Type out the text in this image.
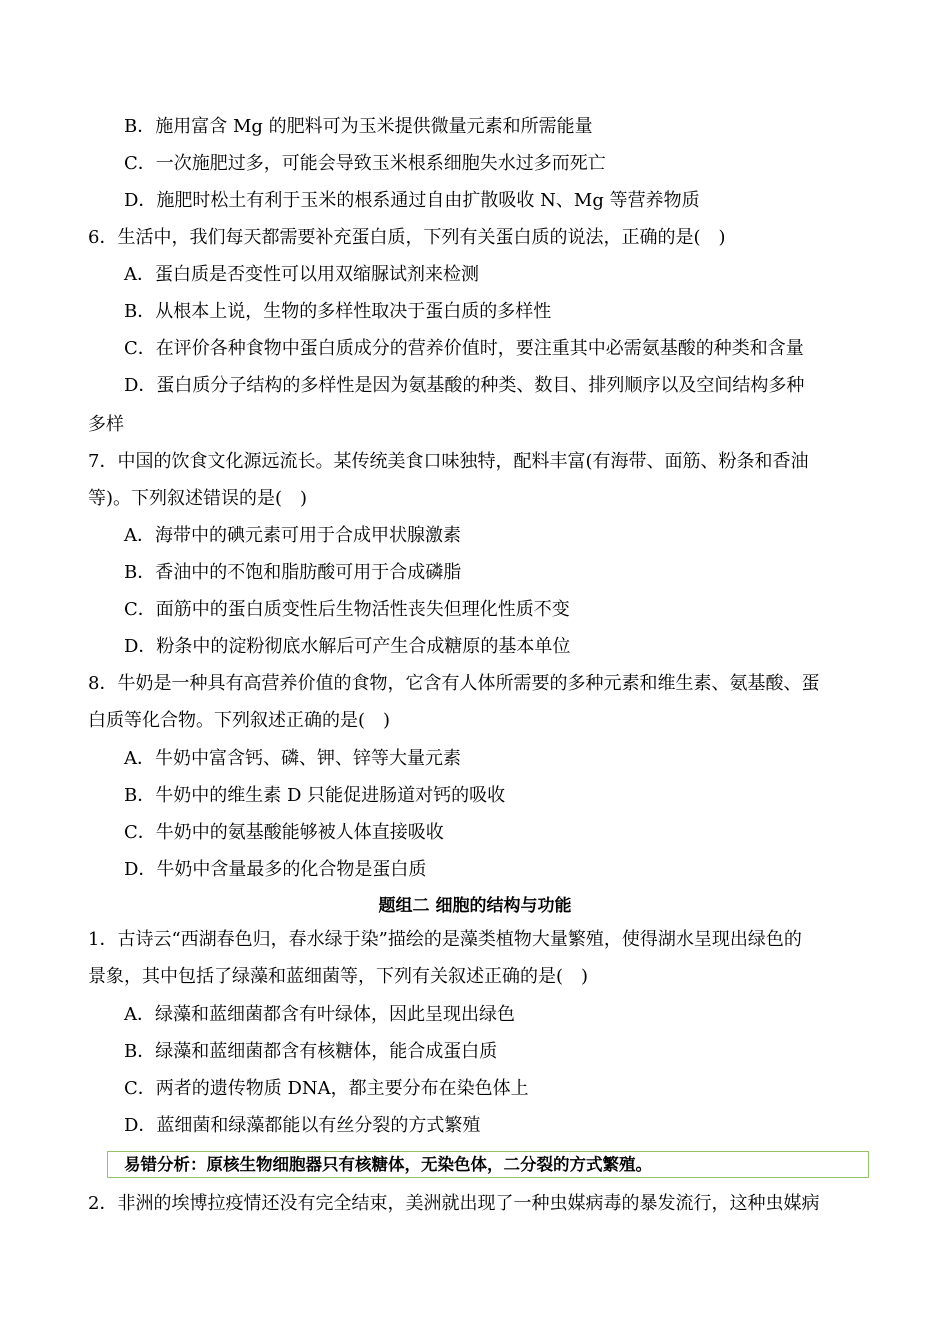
B．施用富含 Mg 的肥料可为玉米提供微量元素和所需能量
C．一次施肥过多，可能会导致玉米根系细胞失水过多而死亡
D．施肥时松土有利于玉米的根系通过自由扩散吸收 N、Mg 等营养物质
6．生活中，我们每天都需要补充蛋白质，下列有关蛋白质的说法，正确的是(　)
A．蛋白质是否变性可以用双缩脲试剂来检测
B．从根本上说，生物的多样性取决于蛋白质的多样性
C．在评价各种食物中蛋白质成分的营养价值时，要注重其中必需氨基酸的种类和含量
D．蛋白质分子结构的多样性是因为氨基酸的种类、数目、排列顺序以及空间结构多种
多样
7．中国的饮食文化源远流长。某传统美食口味独特，配料丰富(有海带、面筋、粉条和香油
等)。下列叙述错误的是(　)
A．海带中的碘元素可用于合成甲状腺激素
B．香油中的不饱和脂肪酸可用于合成磷脂
C．面筋中的蛋白质变性后生物活性丧失但理化性质不变
D．粉条中的淀粉彻底水解后可产生合成糖原的基本单位
8．牛奶是一种具有高营养价值的食物，它含有人体所需要的多种元素和维生素、氨基酸、蛋
白质等化合物。下列叙述正确的是(　)
A．牛奶中富含钙、磷、钾、锌等大量元素
B．牛奶中的维生素 D 只能促进肠道对钙的吸收
C．牛奶中的氨基酸能够被人体直接吸收
D．牛奶中含量最多的化合物是蛋白质
题组二 细胞的结构与功能
1．古诗云“西湖春色归，春水绿于染”描绘的是藻类植物大量繁殖，使得湖水呈现出绿色的
景象，其中包括了绿藻和蓝细菌等，下列有关叙述正确的是(　)
A．绿藻和蓝细菌都含有叶绿体，因此呈现出绿色
B．绿藻和蓝细菌都含有核糖体，能合成蛋白质
C．两者的遗传物质 DNA，都主要分布在染色体上
D．蓝细菌和绿藻都能以有丝分裂的方式繁殖
易错分析：原核生物细胞器只有核糖体，无染色体，二分裂的方式繁殖。
2．非洲的埃博拉疫情还没有完全结束，美洲就出现了一种虫媒病毒的暴发流行，这种虫媒病
